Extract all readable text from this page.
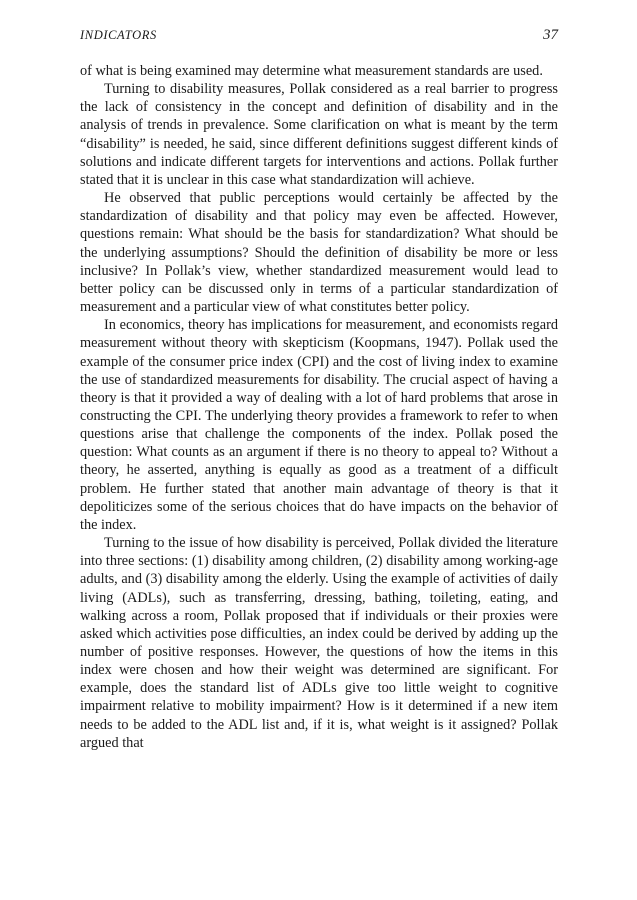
INDICATORS	37

of what is being examined may determine what measurement standards are used.

Turning to disability measures, Pollak considered as a real barrier to progress the lack of consistency in the concept and definition of disability and in the analysis of trends in prevalence. Some clarification on what is meant by the term “disability” is needed, he said, since different definitions suggest different kinds of solutions and indicate different targets for interventions and actions. Pollak further stated that it is unclear in this case what standardization will achieve.

He observed that public perceptions would certainly be affected by the standardization of disability and that policy may even be affected. However, questions remain: What should be the basis for standardization? What should be the underlying assumptions? Should the definition of disability be more or less inclusive? In Pollak’s view, whether standardized measurement would lead to better policy can be discussed only in terms of a particular standardization of measurement and a particular view of what constitutes better policy.

In economics, theory has implications for measurement, and economists regard measurement without theory with skepticism (Koopmans, 1947). Pollak used the example of the consumer price index (CPI) and the cost of living index to examine the use of standardized measurements for disability. The crucial aspect of having a theory is that it provided a way of dealing with a lot of hard problems that arose in constructing the CPI. The underlying theory provides a framework to refer to when questions arise that challenge the components of the index. Pollak posed the question: What counts as an argument if there is no theory to appeal to? Without a theory, he asserted, anything is equally as good as a treatment of a difficult problem. He further stated that another main advantage of theory is that it depoliticizes some of the serious choices that do have impacts on the behavior of the index.

Turning to the issue of how disability is perceived, Pollak divided the literature into three sections: (1) disability among children, (2) disability among working-age adults, and (3) disability among the elderly. Using the example of activities of daily living (ADLs), such as transferring, dressing, bathing, toileting, eating, and walking across a room, Pollak proposed that if individuals or their proxies were asked which activities pose difficulties, an index could be derived by adding up the number of positive responses. However, the questions of how the items in this index were chosen and how their weight was determined are significant. For example, does the standard list of ADLs give too little weight to cognitive impairment relative to mobility impairment? How is it determined if a new item needs to be added to the ADL list and, if it is, what weight is it assigned? Pollak argued that
